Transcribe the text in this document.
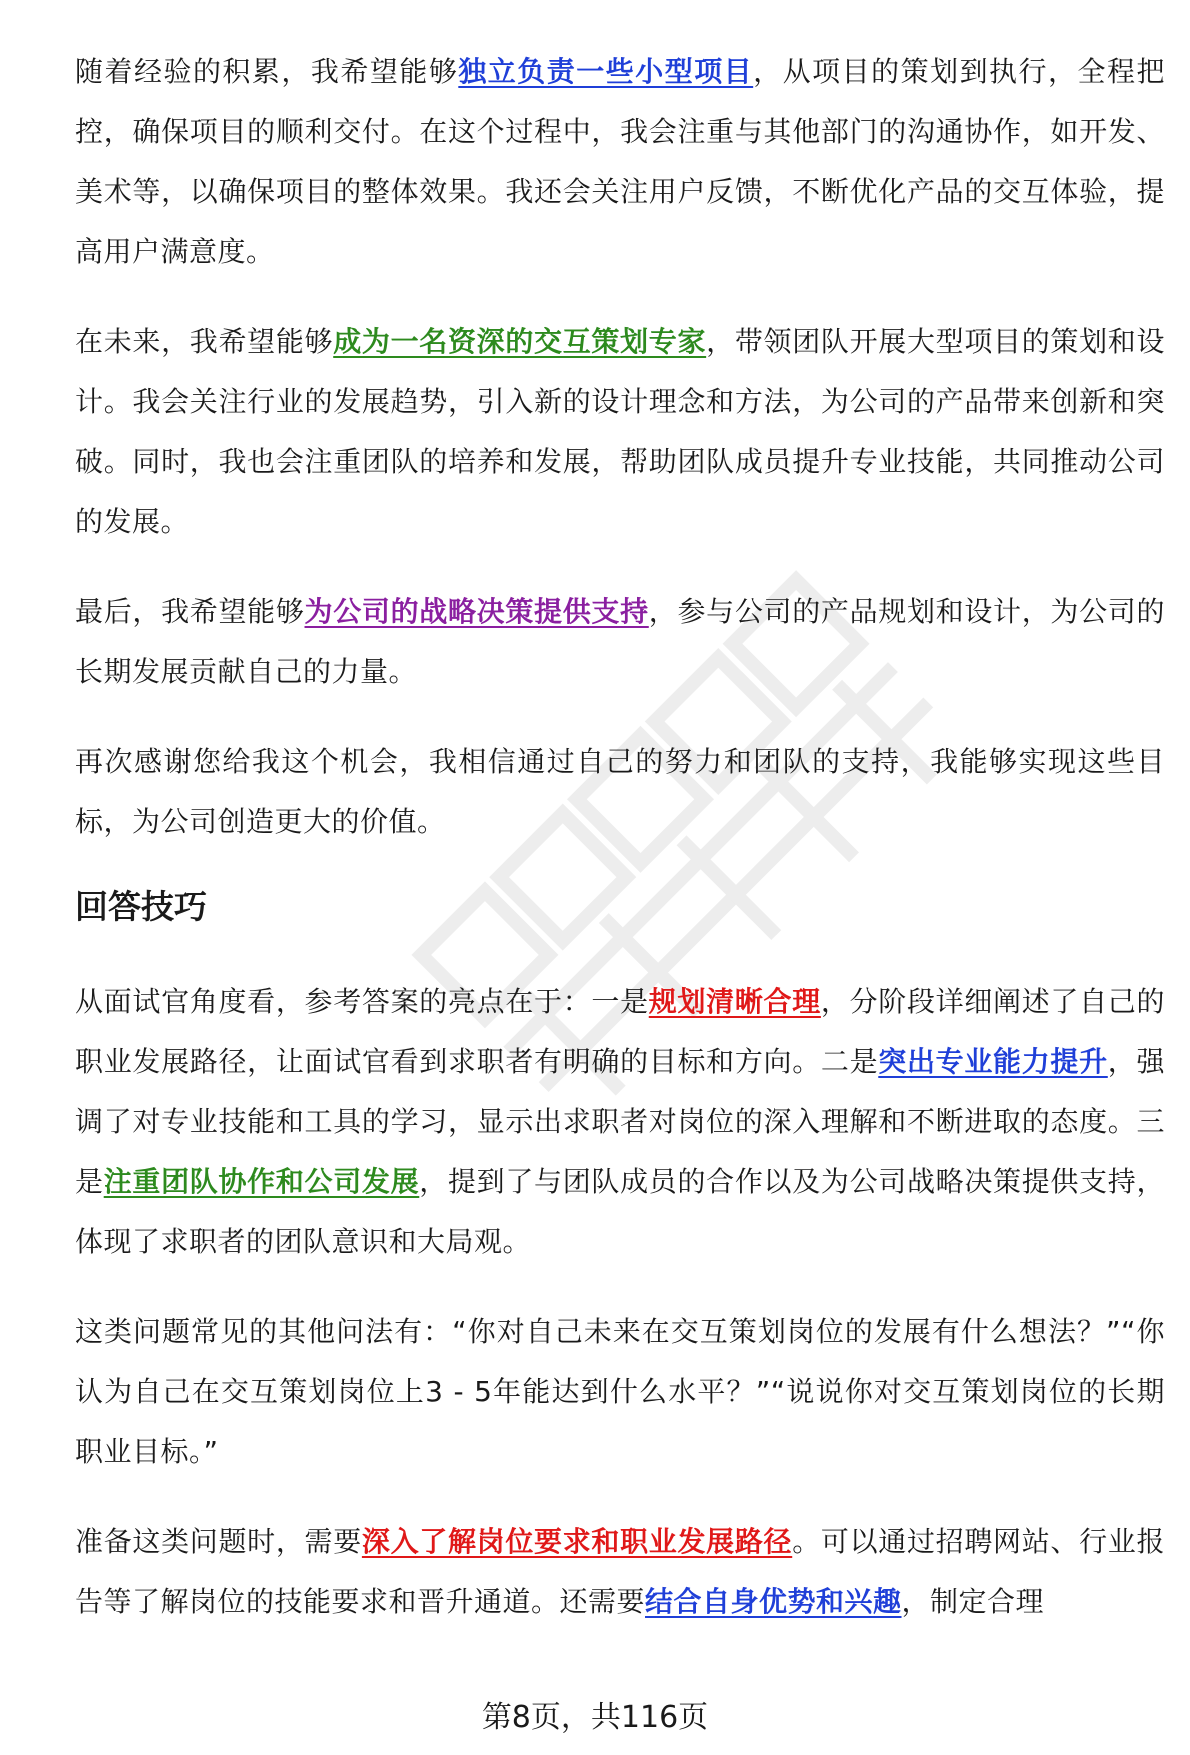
随着经验的积累，我希望能够独立负责一些小型项目，从项目的策划到执行，全程把控，确保项目的顺利交付。在这个过程中，我会注重与其他部门的沟通协作，如开发、美术等，以确保项目的整体效果。我还会关注用户反馈，不断优化产品的交互体验，提高用户满意度。

在未来，我希望能够成为一名资深的交互策划专家，带领团队开展大型项目的策划和设计。我会关注行业的发展趋势，引入新的设计理念和方法，为公司的产品带来创新和突破。同时，我也会注重团队的培养和发展，帮助团队成员提升专业技能，共同推动公司的发展。

最后，我希望能够为公司的战略决策提供支持，参与公司的产品规划和设计，为公司的长期发展贡献自己的力量。

再次感谢您给我这个机会，我相信通过自己的努力和团队的支持，我能够实现这些目标，为公司创造更大的价值。

回答技巧

从面试官角度看，参考答案的亮点在于：一是规划清晰合理，分阶段详细阐述了自己的职业发展路径，让面试官看到求职者有明确的目标和方向。二是突出专业能力提升，强调了对专业技能和工具的学习，显示出求职者对岗位的深入理解和不断进取的态度。三是注重团队协作和公司发展，提到了与团队成员的合作以及为公司战略决策提供支持，体现了求职者的团队意识和大局观。

这类问题常见的其他问法有：“你对自己未来在交互策划岗位的发展有什么想法？”“你认为自己在交互策划岗位上3 - 5年能达到什么水平？”“说说你对交互策划岗位的长期职业目标。”

准备这类问题时，需要深入了解岗位要求和职业发展路径。可以通过招聘网站、行业报告等了解岗位的技能要求和晋升通道。还需要结合自身优势和兴趣，制定合理

第8页，共116页
